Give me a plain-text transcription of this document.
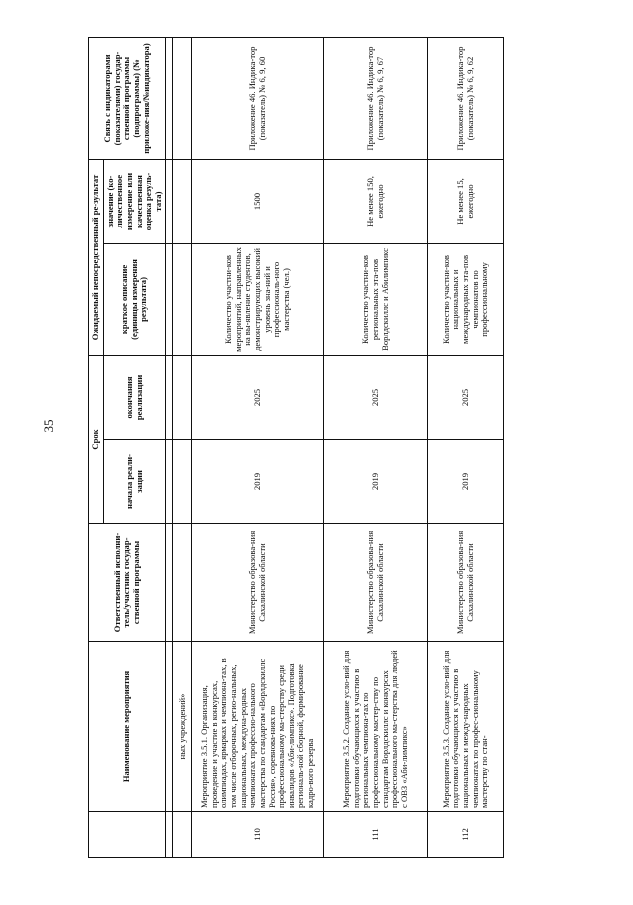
35
	Наименование мероприятия	Ответственный исполни-тель/участник государ-ственной программы	Срок		Ожидаемый непосредственный ре-зультат		Связь с индикаторами (показателями) государ-ственной программы (подпрограммы) (№ приложе-ния/№индикатора)
			начала реали-зации	окончания реализации	краткое описание (единицы измерения результата)	значение (ко-личественное измерение или качественная оценка резуль-тата)	

	ных учреждений»						
110	Мероприятие 3.5.1. Организация, проведение и участие в конкурсах, олимпиадах, ярмарках и чемпиона-тах, в том числе отборочных, регио-нальных, национальных, междуна-родных чемпионатах профессио-нального мастерства по стандартам «Ворлдскиллс Россия», соревнова-ниях по профессиональному ма-стерству среди инвалидов «Аби-лимпикс». Подготовка региональ-ной сборной, формирование кадро-вого резерва	Министерство образова-ния Сахалинской области	2019	2025	Количество участни-ков мероприятий, направленных на вы-явление студентов, демонстрирующих высокий уровень зна-ний и профессиональ-ного мастерства (чел.)	1500	Приложение 46. Индика-тор (показатель) № 6, 9, 60
111	Мероприятие 3.5.2. Создание усло-вий для подготовки обучающихся к участию в региональных чемпиона-тах по профессиональному мастер-ству по стандартам Ворлдскиллс и конкурсах профессионального ма-стерства для людей с ОВЗ «Аби-лимпикс»	Министерство образова-ния Сахалинской области	2019	2025	Количество участни-ков региональных эта-пов Ворлдскиллс и Абилимпикс	Не менее 150, ежегодно	Приложение 46. Индика-тор (показатель) № 6, 9, 67
112	Мероприятие 3.5.3. Создание усло-вий для подготовки обучающихся к участию в национальных и между-народных чемпионатах по профес-сиональному мастерству по стан-	Министерство образова-ния Сахалинской области	2019	2025	Количество участни-ков национальных и международных эта-пов чемпионатов по профессиональному	Не менее 15, ежегодно	Приложение 46. Индика-тор (показатель) № 6, 9, 62
